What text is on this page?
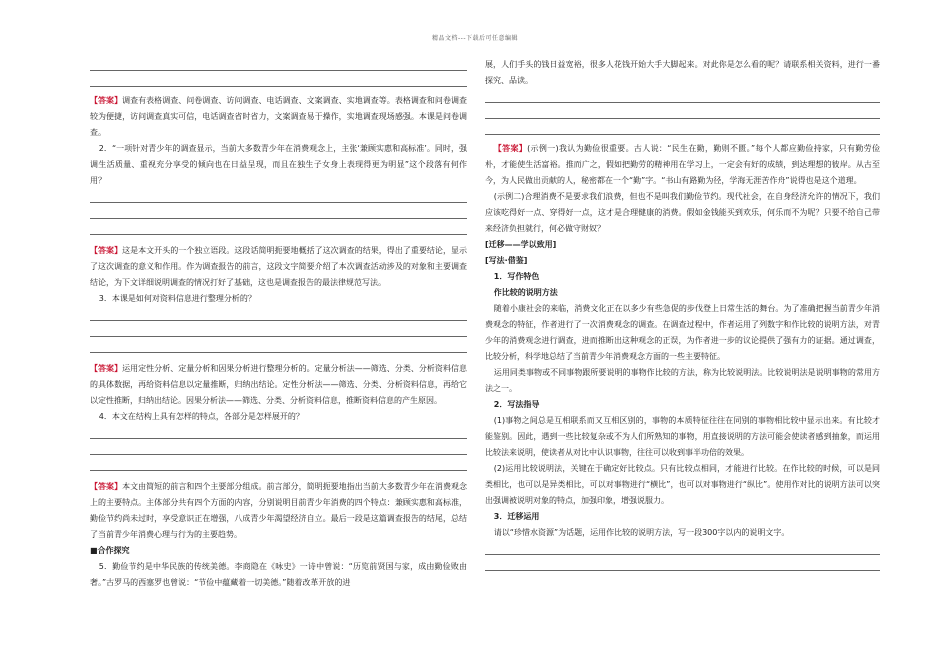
精品文档---下载后可任意编辑

【答案】调查有表格调查、问卷调查、访问调查、电话调查、文案调查、实地调查等。表格调查和问卷调查较为便捷，访问调查真实可信，电话调查省时省力，文案调查易于操作，实地调查现场感强。本课是问卷调查。

2．“一项针对青少年的调查显示，当前大多数青少年在消费观念上，主张‘兼顾实惠和高标准’。同时，强调生活质量、重视充分享受的倾向也在日益呈现，而且在独生子女身上表现得更为明显”这个段落有何作用？

【答案】这是本文开头的一个独立语段。这段话简明扼要地概括了这次调查的结果，得出了重要结论，显示了这次调查的意义和作用。作为调查报告的前言，这段文字简要介绍了本次调查活动涉及的对象和主要调查结论，为下文详细说明调查的情况打好了基础，这也是调查报告的最法律规范写法。

3．本课是如何对资料信息进行整理分析的？

【答案】运用定性分析、定量分析和因果分析进行整理分析的。定量分析法——筛选、分类、分析资料信息的具体数据，再给资料信息以定量推断，归纳出结论。定性分析法——筛选、分类、分析资料信息，再给它以定性推断，归纳出结论。因果分析法——筛选、分类、分析资料信息，推断资料信息的产生原因。

4．本文在结构上具有怎样的特点，各部分是怎样展开的？

【答案】本文由简短的前言和四个主要部分组成。前言部分，简明扼要地指出当前大多数青少年在消费观念上的主要特点。主体部分共有四个方面的内容，分别说明目前青少年消费的四个特点：兼顾实惠和高标准，勤俭节约尚未过时，享受意识正在增强，八成青少年渴望经济自立。最后一段是这篇调查报告的结尾，总结了当前青少年消费心理与行为的主要趋势。

■合作探究

5．勤俭节约是中华民族的传统美德。李商隐在《咏史》一诗中曾说：“历览前贤国与家，成由勤俭败由奢。”古罗马的西塞罗也曾说：“节俭中蕴藏着一切美德。”随着改革开放的进

展，人们手头的钱日益宽裕，很多人花钱开始大手大脚起来。对此你是怎么看的呢？请联系相关资料，进行一番探究、品读。

【答案】(示例一)我认为勤俭很重要。古人说：“民生在勤，勤则不匮。”每个人都应勤俭持家，只有勤劳俭朴，才能使生活富裕。推而广之，假如把勤劳的精神用在学习上，一定会有好的成绩，到达理想的彼岸。从古至今，为人民做出贡献的人，秘密都在一个“勤”字。“书山有路勤为径，学海无涯苦作舟”说得也是这个道理。

(示例二)合理消费不是要求我们浪费，但也不是叫我们勤俭节约。现代社会，在自身经济允许的情况下，我们应该吃得好一点、穿得好一点，这才是合理健康的消费。假如金钱能买到欢乐，何乐而不为呢？只要不给自己带来经济负担就行，何必做守财奴？

[迁移——学以致用]

[写法·借鉴]

1．写作特色

作比较的说明方法

随着小康社会的来临，消费文化正在以多少有些急促的步伐登上日常生活的舞台。为了准确把握当前青少年消费观念的特征，作者进行了一次消费观念的调查。在调查过程中，作者运用了列数字和作比较的说明方法，对青少年的消费观念进行调查，进而推断出这种观念的正误，为作者进一步的议论提供了强有力的证据。通过调查，比较分析，科学地总结了当前青少年消费观念方面的一些主要特征。

运用同类事物或不同事物跟所要说明的事物作比较的方法，称为比较说明法。比较说明法是说明事物的常用方法之一。

2．写法指导

(1)事物之间总是互相联系而又互相区别的，事物的本质特征往往在同别的事物相比较中显示出来。有比较才能鉴别。因此，遇到一些比较复杂或不为人们所熟知的事物，用直接说明的方法可能会使读者感到抽象，而运用比较法来说明，使读者从对比中认识事物，往往可以收到事半功倍的效果。

(2)运用比较说明法，关键在于确定好比较点。只有比较点相同，才能进行比较。在作比较的时候，可以是同类相比，也可以是异类相比，可以对事物进行“横比”，也可以对事物进行“纵比”。使用作对比的说明方法可以突出强调被说明对象的特点，加强印象，增强说服力。

3．迁移运用

请以“珍惜水资源”为话题，运用作比较的说明方法，写一段300字以内的说明文字。
